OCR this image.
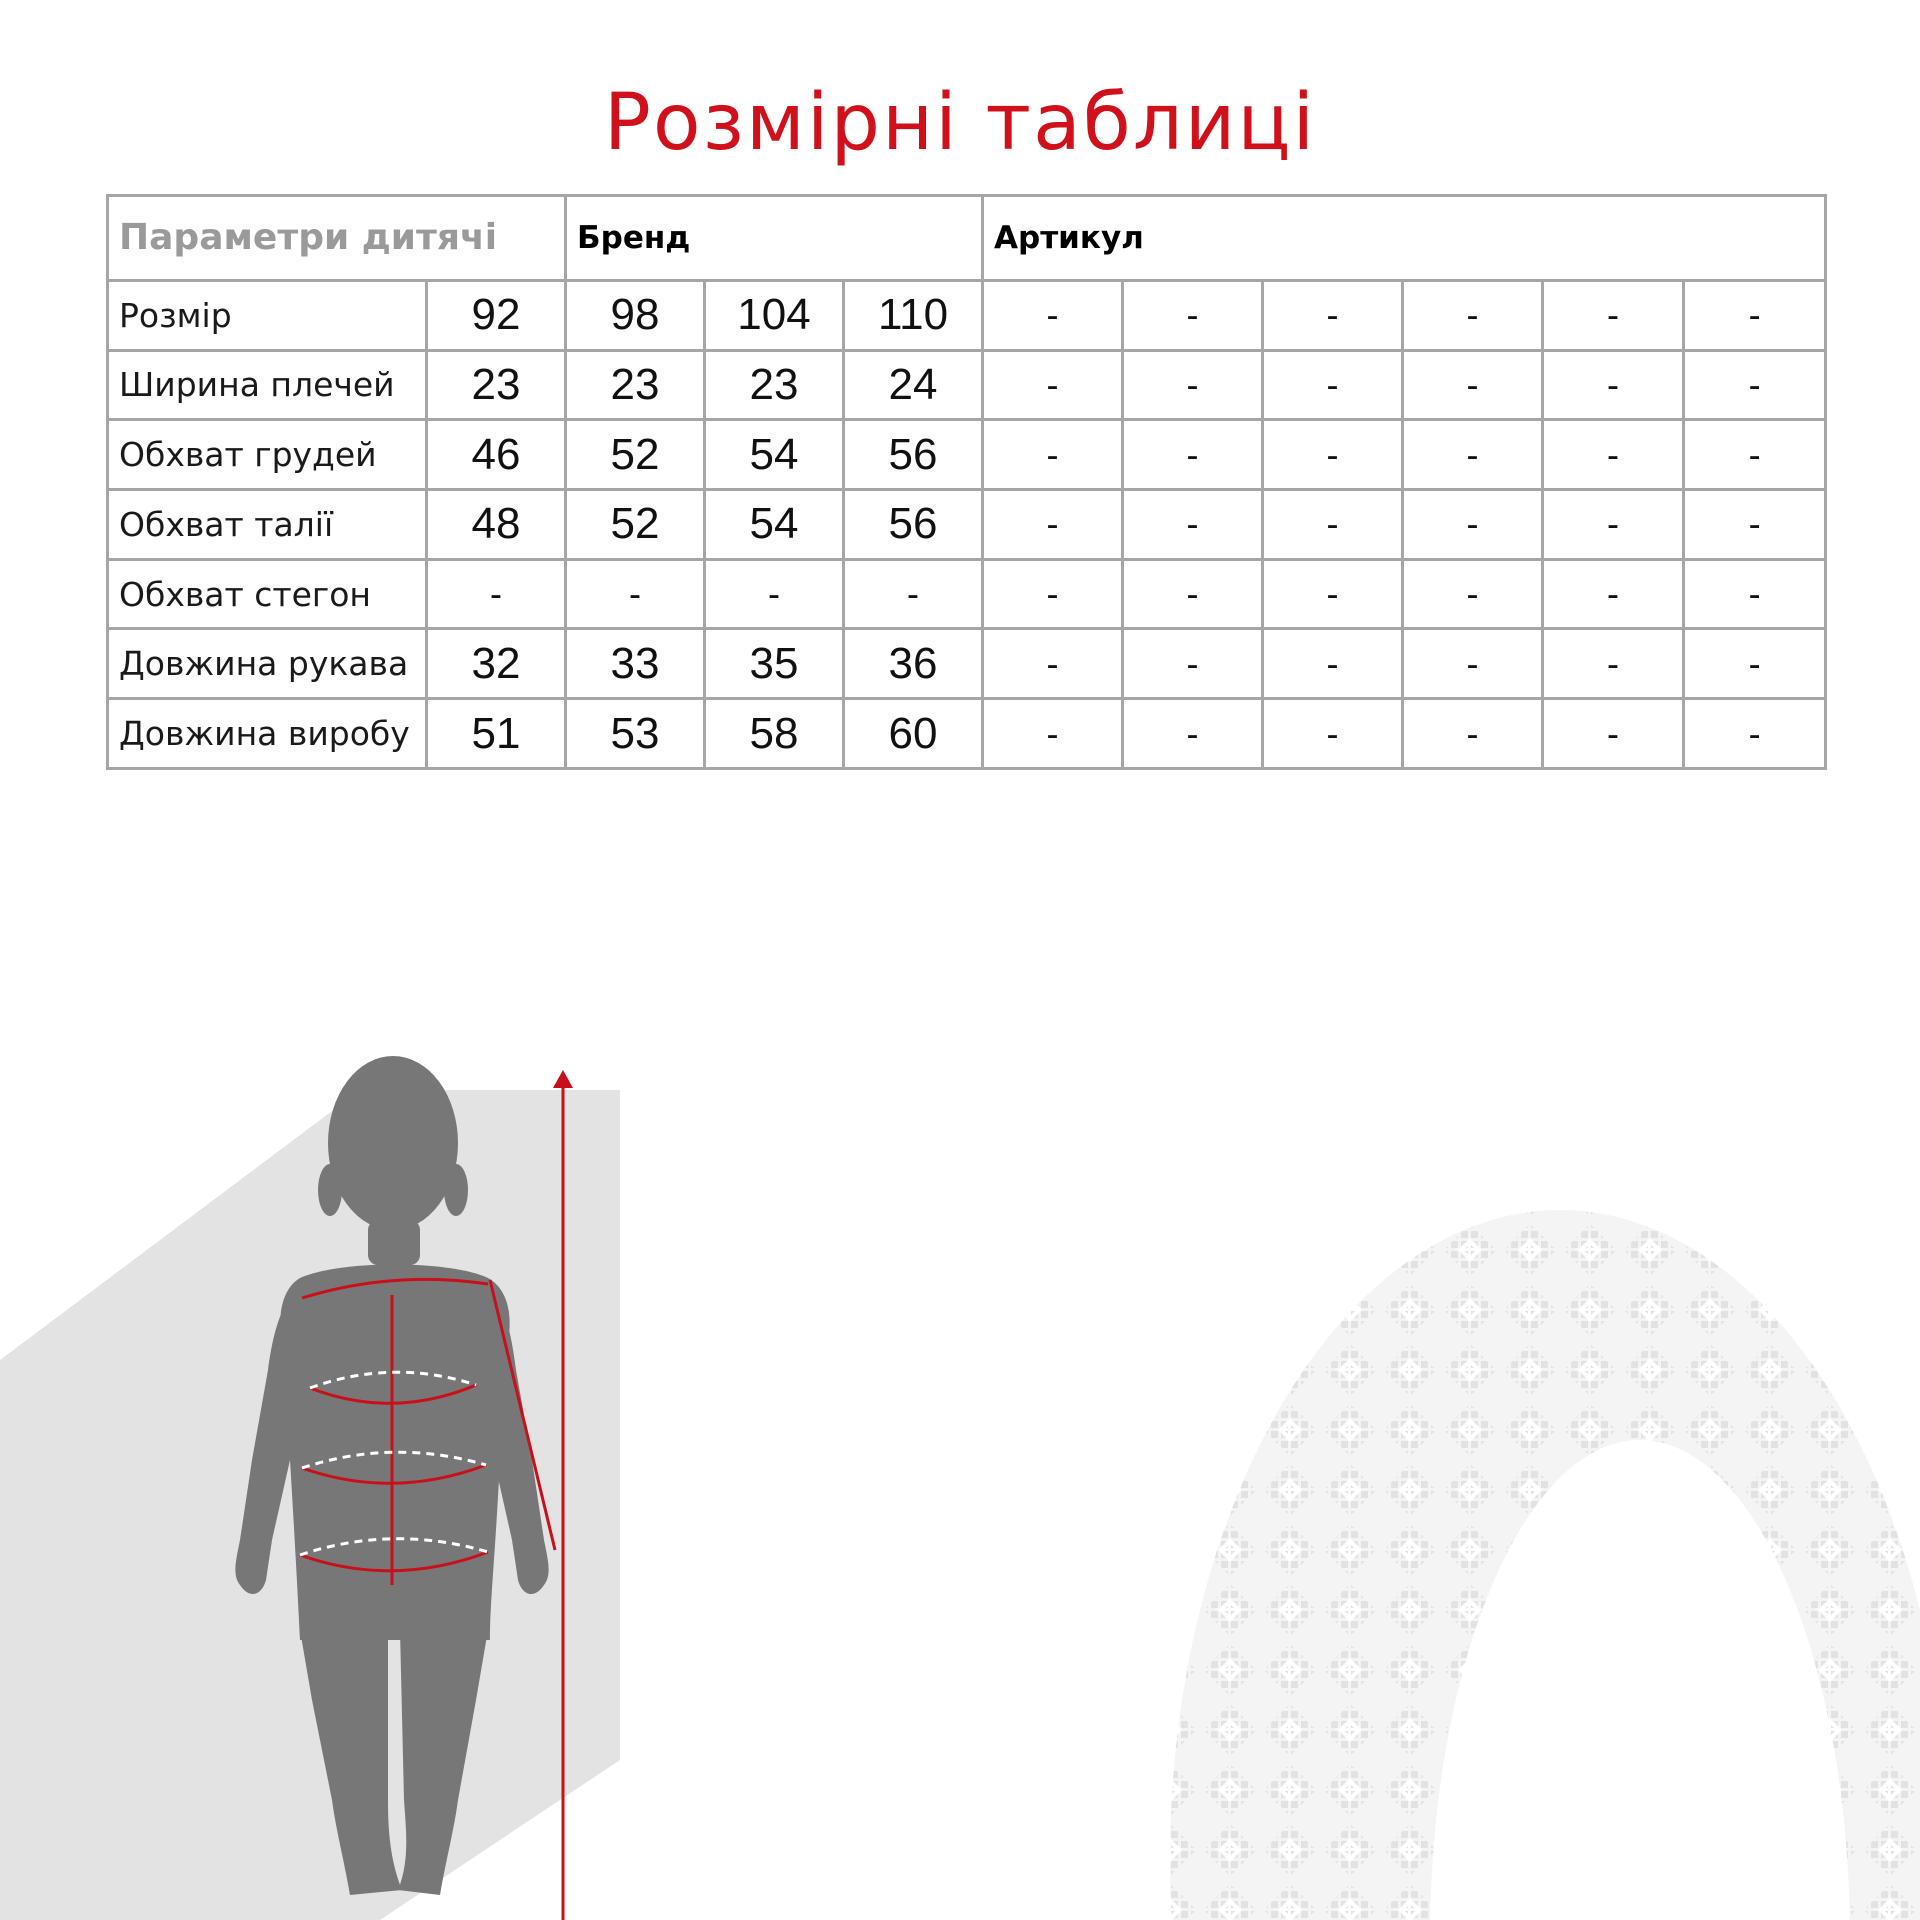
Розмірні таблиці
Параметри дитячі		Бренд			Артикул					
Розмір	92	98	104	110	-	-	-	-	-	-
Ширина плечей	23	23	23	24	-	-	-	-	-	-
Обхват грудей	46	52	54	56	-	-	-	-	-	-
Обхват талії	48	52	54	56	-	-	-	-	-	-
Обхват стегон	-	-	-	-	-	-	-	-	-	-
Довжина рукава	32	33	35	36	-	-	-	-	-	-
Довжина виробу	51	53	58	60	-	-	-	-	-	-
